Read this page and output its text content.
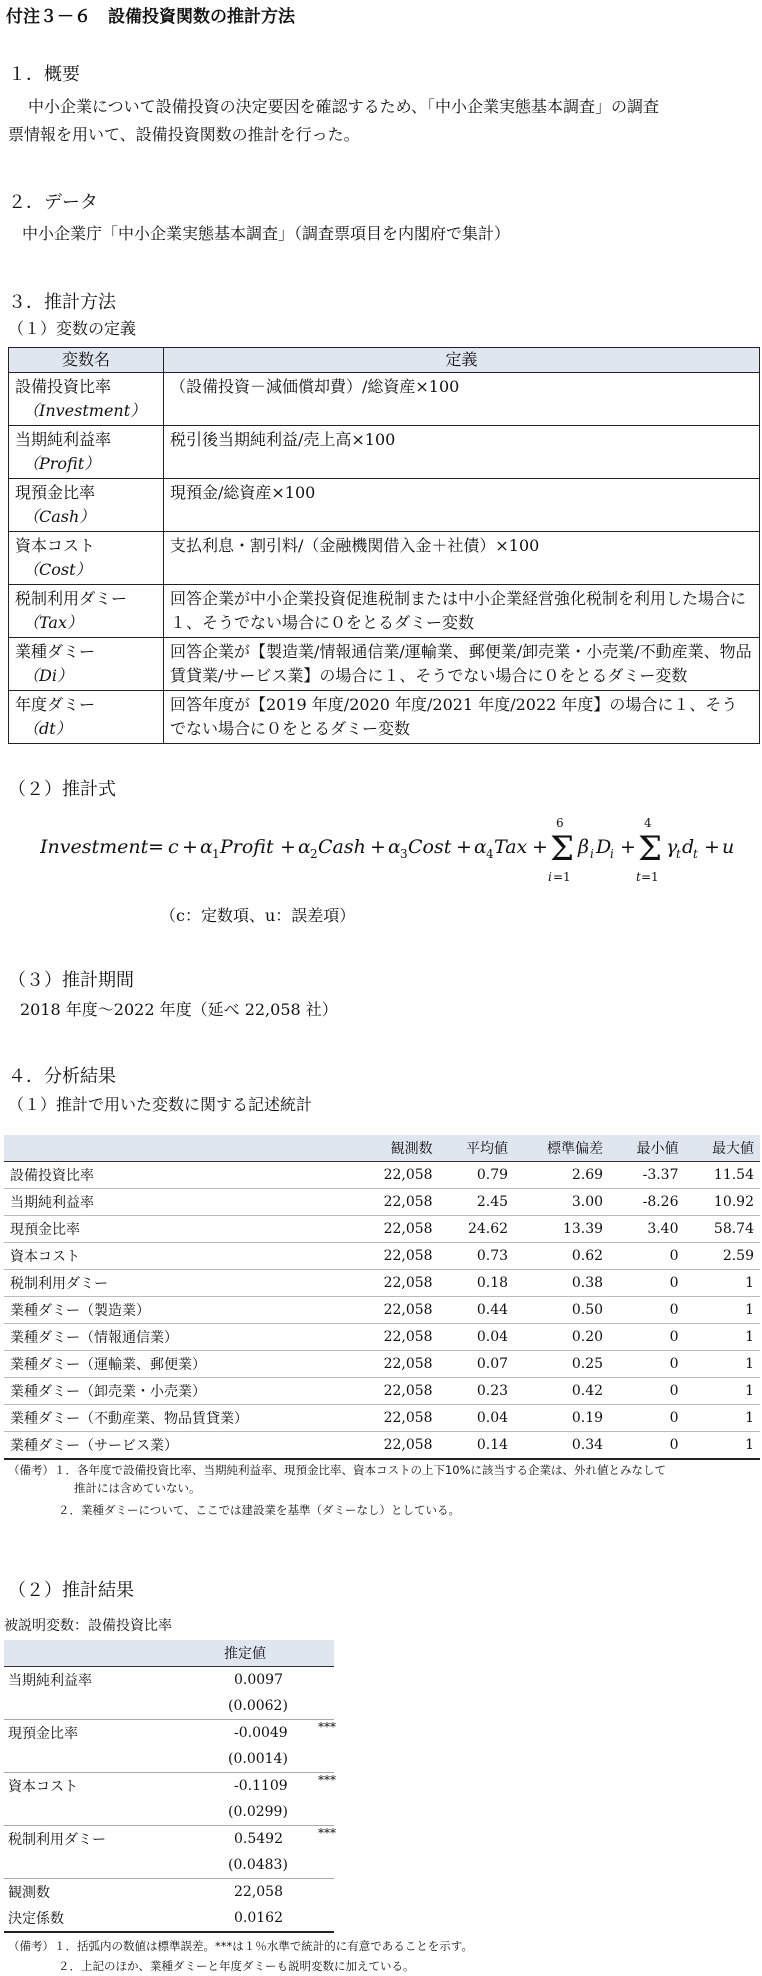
付注３－６　設備投資関数の推計方法
１．概要
中小企業について設備投資の決定要因を確認するため、「中小企業実態基本調査」の調査
票情報を用いて、設備投資関数の推計を行った。
２．データ
中小企業庁「中小企業実態基本調査」（調査票項目を内閣府で集計）
３．推計方法
（１）変数の定義
変数名	定義
設備投資比率
（Investment）	（設備投資－減価償却費）/総資産×100
当期純利益率
（Profit）	税引後当期純利益/売上高×100
現預金比率
（Cash）	現預金/総資産×100
資本コスト
（Cost）	支払利息・割引料/（金融機関借入金＋社債）×100
税制利用ダミー
（Tax）	回答企業が中小企業投資促進税制または中小企業経営強化税制を利用した場合に１、そうでない場合に０をとるダミー変数
業種ダミー
（Di）	回答企業が【製造業/情報通信業/運輸業、郵便業/卸売業・小売業/不動産業、物品賃貸業/サービス業】の場合に１、そうでない場合に０をとるダミー変数
年度ダミー
（dt）	回答年度が【2019 年度/2020 年度/2021 年度/2022 年度】の場合に１、そうでない場合に０をとるダミー変数
（２）推計式
Investment = c + α 1 Profit + α 2 Cash + α 3 Cost + α 4 Tax + Σ
6
i =1
β i D
i + Σ
4
t =1
γ
t d
t + u
（c：定数項、u：誤差項）
（３）推計期間
2018 年度～2022 年度（延べ 22,058 社）
４．分析結果
（１）推計で用いた変数に関する記述統計
	観測数	平均値	標準偏差	最小値	最大値
設備投資比率	22,058	0.79	2.69	-3.37	11.54
当期純利益率	22,058	2.45	3.00	-8.26	10.92
現預金比率	22,058	24.62	13.39	3.40	58.74
資本コスト	22,058	0.73	0.62	0	2.59
税制利用ダミー	22,058	0.18	0.38	0	1
業種ダミー（製造業）	22,058	0.44	0.50	0	1
業種ダミー（情報通信業）	22,058	0.04	0.20	0	1
業種ダミー（運輸業、郵便業）	22,058	0.07	0.25	0	1
業種ダミー（卸売業・小売業）	22,058	0.23	0.42	0	1
業種ダミー（不動産業、物品賃貸業）	22,058	0.04	0.19	0	1
業種ダミー（サービス業）	22,058	0.14	0.34	0	1
（備考）１．各年度で設備投資比率、当期純利益率、現預金比率、資本コストの上下10%に該当する企業は、外れ値とみなして
推計には含めていない。
２．業種ダミーについて、ここでは建設業を基準（ダミーなし）としている。
（２）推計結果
被説明変数：設備投資比率
	推定値
当期純利益率	0.0097

	(0.0062)
現預金比率	-0.0049 ***

	(0.0014)
資本コスト	-0.1109 ***

	(0.0299)
税制利用ダミー	0.5492 ***

	(0.0483)
観測数	22,058
決定係数	0.0162
（備考）１．括弧内の数値は標準誤差。***は１％水準で統計的に有意であることを示す。
２．上記のほか、業種ダミーと年度ダミーも説明変数に加えている。
